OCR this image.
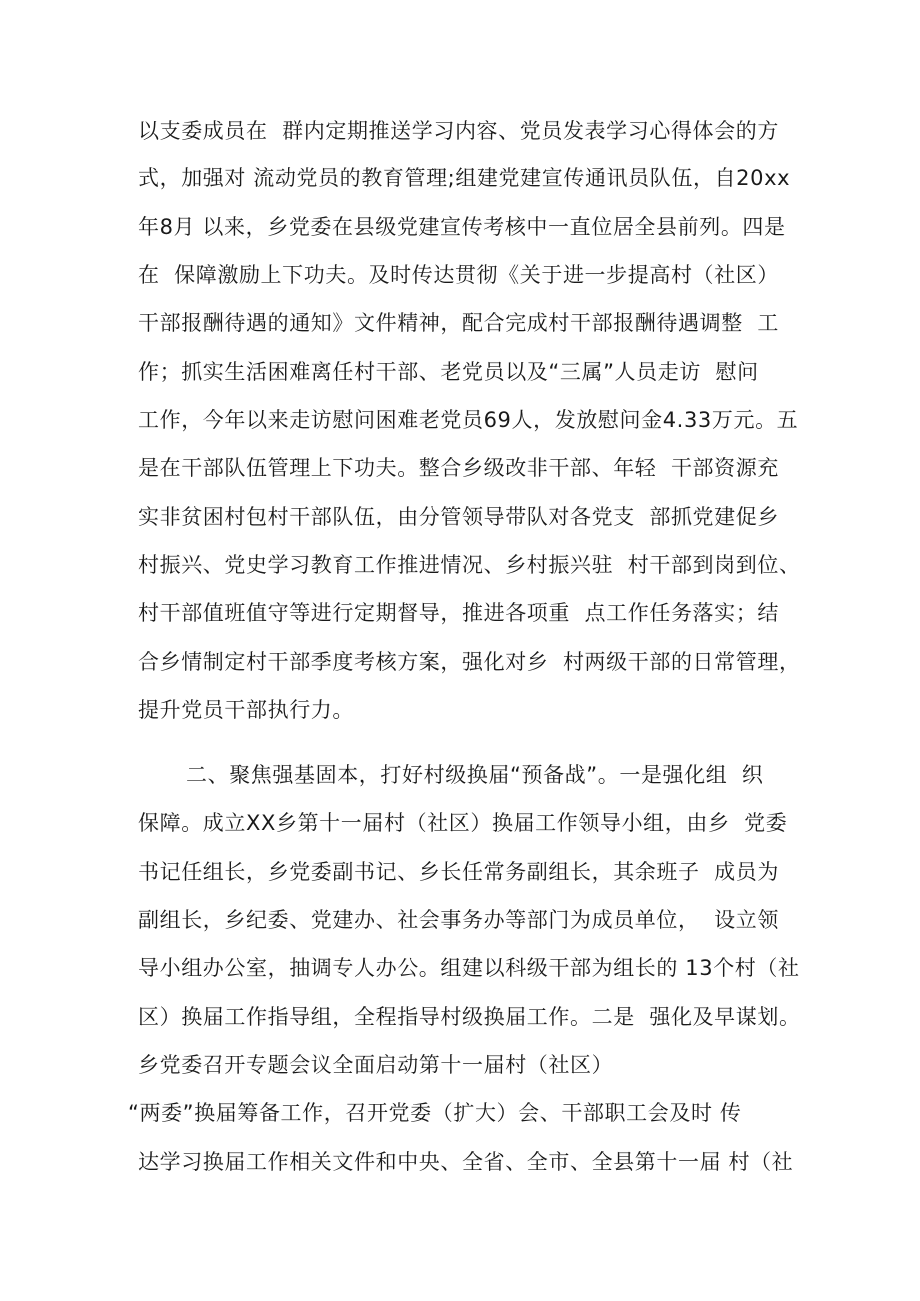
以支委成员在  群内定期推送学习内容、党员发表学习心得体会的方

式，加强对 流动党员的教育管理;组建党建宣传通讯员队伍，自20xx

年8月 以来，乡党委在县级党建宣传考核中一直位居全县前列。四是

在  保障激励上下功夫。及时传达贯彻《关于进一步提高村（社区）

干部报酬待遇的通知》文件精神，配合完成村干部报酬待遇调整  工

作；抓实生活困难离任村干部、老党员以及“三属”人员走访  慰问

工作，今年以来走访慰问困难老党员69人，发放慰问金4.33万元。五

是在干部队伍管理上下功夫。整合乡级改非干部、年轻  干部资源充

实非贫困村包村干部队伍，由分管领导带队对各党支  部抓党建促乡

村振兴、党史学习教育工作推进情况、乡村振兴驻  村干部到岗到位、

村干部值班值守等进行定期督导，推进各项重  点工作任务落实；结

合乡情制定村干部季度考核方案，强化对乡  村两级干部的日常管理，

提升党员干部执行力。

二、聚焦强基固本，打好村级换届“预备战”。一是强化组  织

保障。成立XX乡第十一届村（社区）换届工作领导小组，由乡  党委

书记任组长，乡党委副书记、乡长任常务副组长，其余班子  成员为

副组长，乡纪委、党建办、社会事务办等部门为成员单位，  设立领

导小组办公室，抽调专人办公。组建以科级干部为组长的 13个村（社

区）换届工作指导组，全程指导村级换届工作。二是  强化及早谋划。

乡党委召开专题会议全面启动第十一届村（社区）

“两委”换届筹备工作，召开党委（扩大）会、干部职工会及时 传

达学习换届工作相关文件和中央、全省、全市、全县第十一届 村（社
